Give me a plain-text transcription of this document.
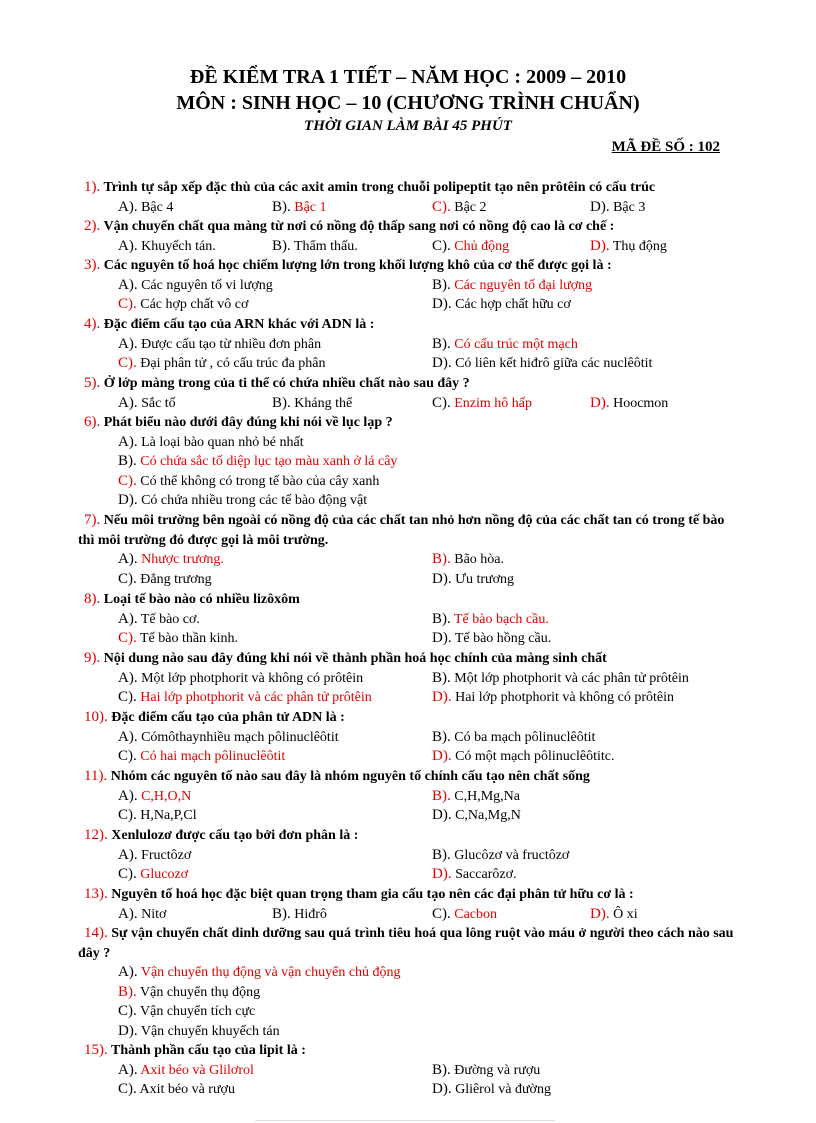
ĐỀ KIỂM TRA 1 TIẾT – NĂM HỌC : 2009 – 2010
MÔN : SINH HỌC – 10 (CHƯƠNG TRÌNH CHUẨN)
THỜI GIAN LÀM BÀI 45 PHÚT
MÃ ĐỀ SỐ : 102
1). Trình tự sắp xếp đặc thù của các axit amin trong chuỗi polipeptit tạo nên prôtêin có cấu trúc
A). Bậc 4	B). Bậc 1	C). Bậc 2	D). Bậc 3
2). Vận chuyển chất qua màng từ nơi có nồng độ thấp sang nơi có nồng độ cao là cơ chế :
A). Khuyếch tán.	B). Thẩm thấu.	C). Chủ động	D). Thụ động
3). Các nguyên tố hoá học chiếm lượng lớn trong khối lượng khô của cơ thể được gọi là :
A). Các nguyên tố vi lượng	B). Các nguyên tố đại lượng
C). Các hợp chất vô cơ	D). Các hợp chất hữu cơ
4). Đặc điểm cấu tạo của ARN khác với ADN là :
A). Được cấu tạo từ nhiều đơn phân	B). Có cấu trúc một mạch
C). Đại phân tử , có cấu trúc đa phân	D). Có liên kết hiđrô giữa các nuclêôtit
5). Ở lớp màng trong của ti thể có chứa nhiều chất nào sau đây ?
A). Sắc tố	B). Kháng thể	C). Enzim hô hấp	D). Hoocmon
6). Phát biểu nào dưới đây đúng khi nói về lục lạp ?
A). Là loại bào quan nhỏ bé nhất
B). Có chứa sắc tố diệp lục tạo màu xanh ở lá cây
C). Có thể không có trong tế bào của cây xanh
D). Có chứa nhiều trong các tế bào động vật
7). Nếu môi trường bên ngoài có nồng độ của các chất tan nhỏ hơn nồng độ của các chất tan có trong tế bào thì môi trường đó được gọi là môi trường.
A). Nhược trương.	B). Bão hòa.
C). Đẳng trương	D). Ưu trương
8). Loại tế bào nào có nhiều lizôxôm
A). Tế bào cơ.	B). Tế bào bạch cầu.
C). Tế bào thần kinh.	D). Tế bào hồng cầu.
9). Nội dung nào sau đây đúng khi nói về thành phần hoá học chính của màng sinh chất
A). Một lớp photphorit và không có prôtêin	B). Một lớp photphorit và các phân tử prôtêin
C). Hai lớp photphorit và các phân tử prôtêin	D). Hai lớp photphorit và không có prôtêin
10). Đặc điểm cấu tạo của phân tử ADN là :
A). Cómôthaynhiều mạch pôlinuclêôtit	B). Có ba mạch pôlinuclêôtit
C). Có hai mạch pôlinuclêôtit	D). Có một mạch pôlinuclêôtitc.
11). Nhóm các nguyên tố nào sau đây là nhóm nguyên tố chính cấu tạo nên chất sống
A). C,H,O,N	B). C,H,Mg,Na
C). H,Na,P,Cl	D). C,Na,Mg,N
12). Xenlulozơ được cấu tạo bởi đơn phân là :
A). Fructôzơ	B). Glucôzơ và fructôzơ
C). Glucozơ	D). Saccarôzơ.
13). Nguyên tố hoá học đặc biệt quan trọng tham gia cấu tạo nên các đại phân tử hữu cơ là :
A). Nitơ	B). Hiđrô	C). Cacbon	D). Ô xi
14). Sự vận chuyển chất dinh dưỡng sau quá trình tiêu hoá qua lông ruột vào máu ở người theo cách nào sau đây ?
A). Vận chuyển thụ động và vận chuyển chủ động
B). Vận chuyển thụ động
C). Vận chuyển tích cực
D). Vận chuyển khuyếch tán
15). Thành phần cấu tạo của lipit là :
A). Axit béo và Glilơrol	B). Đường và rượu
C). Axit béo và rượu	D). Gliêrol và đường
